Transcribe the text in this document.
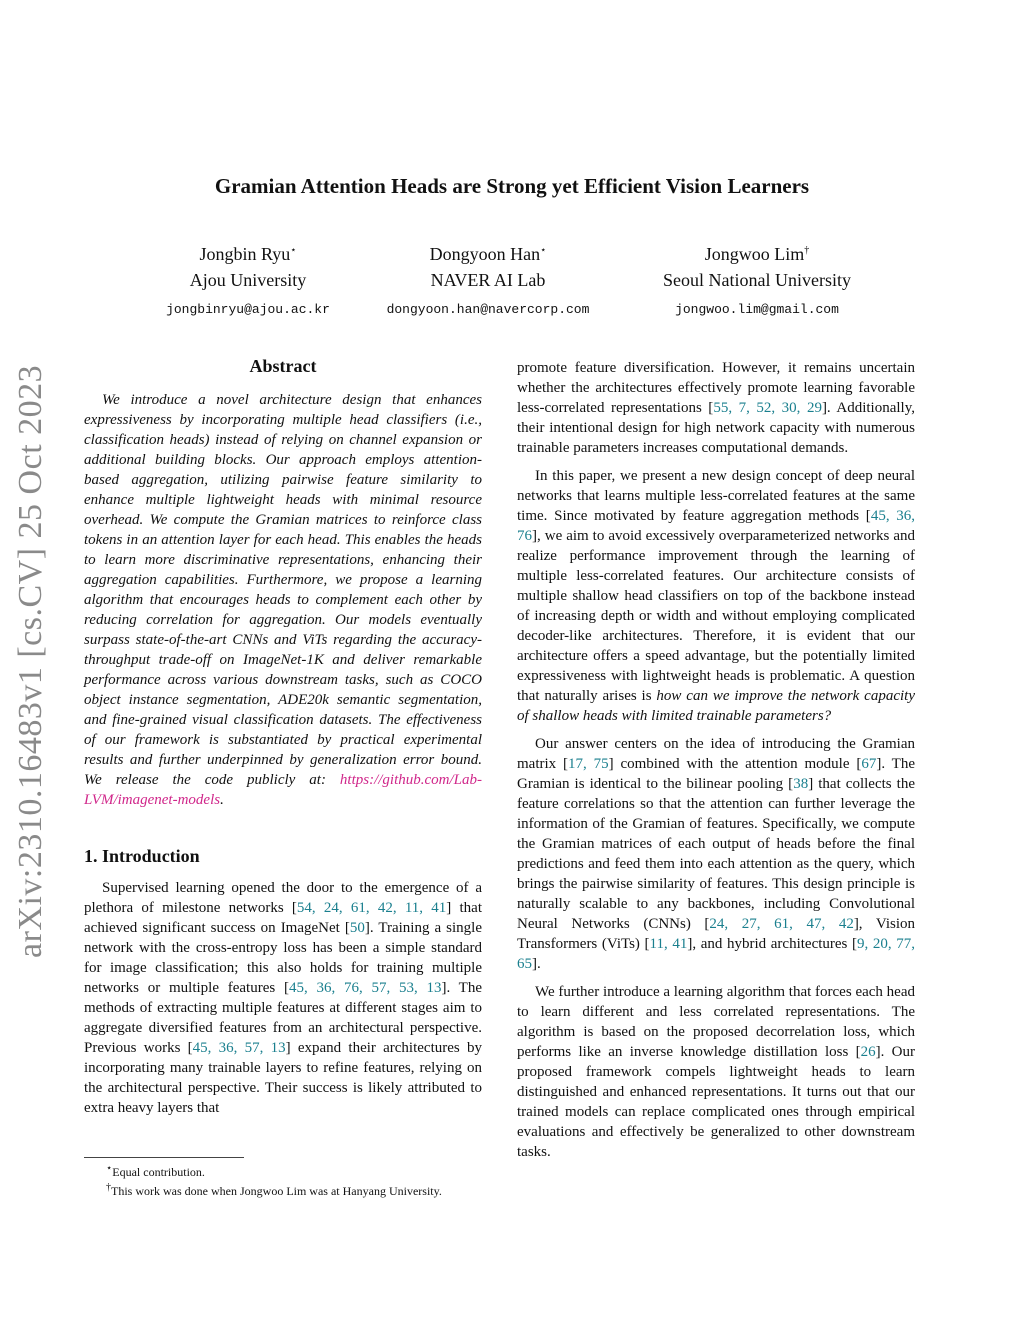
Gramian Attention Heads are Strong yet Efficient Vision Learners
Jongbin Ryu⋆
Ajou University
jongbinryu@ajou.ac.kr
Dongyoon Han⋆
NAVER AI Lab
dongyoon.han@navercorp.com
Jongwoo Lim†
Seoul National University
jongwoo.lim@gmail.com
arXiv:2310.16483v1 [cs.CV] 25 Oct 2023	Abstract

We introduce a novel architecture design that enhances expressiveness by incorporating multiple head classifiers (i.e., classification heads) instead of relying on channel expansion or additional building blocks. Our approach employs attention-based aggregation, utilizing pairwise feature similarity to enhance multiple lightweight heads with minimal resource overhead. We compute the Gramian matrices to reinforce class tokens in an attention layer for each head. This enables the heads to learn more discriminative representations, enhancing their aggregation capabilities. Furthermore, we propose a learning algorithm that encourages heads to complement each other by reducing correlation for aggregation. Our models eventually surpass state-of-the-art CNNs and ViTs regarding the accuracy-throughput trade-off on ImageNet-1K and deliver remarkable performance across various downstream tasks, such as COCO object instance segmentation, ADE20k semantic segmentation, and fine-grained visual classification datasets. The effectiveness of our framework is substantiated by practical experimental results and further underpinned by generalization error bound. We release the code publicly at: https://github.com/Lab-LVM/imagenet-models.

1. Introduction

Supervised learning opened the door to the emergence of a plethora of milestone networks [54, 24, 61, 42, 11, 41] that achieved significant success on ImageNet [50]. Training a single network with the cross-entropy loss has been a simple standard for image classification; this also holds for training multiple networks or multiple features [45, 36, 76, 57, 53, 13]. The methods of extracting multiple features at different stages aim to aggregate diversified features from an architectural perspective. Previous works [45, 36, 57, 13] expand their architectures by incorporating many trainable layers to refine features, relying on the architectural perspective. Their success is likely attributed to extra heavy layers that

⋆Equal contribution.

†This work was done when Jongwoo Lim was at Hanyang University.

promote feature diversification. However, it remains uncertain whether the architectures effectively promote learning favorable less-correlated representations [55, 7, 52, 30, 29]. Additionally, their intentional design for high network capacity with numerous trainable parameters increases computational demands.

In this paper, we present a new design concept of deep neural networks that learns multiple less-correlated features at the same time. Since motivated by feature aggregation methods [45, 36, 76], we aim to avoid excessively overparameterized networks and realize performance improvement through the learning of multiple less-correlated features. Our architecture consists of multiple shallow head classifiers on top of the backbone instead of increasing depth or width and without employing complicated decoder-like architectures. Therefore, it is evident that our architecture offers a speed advantage, but the potentially limited expressiveness with lightweight heads is problematic. A question that naturally arises is how can we improve the network capacity of shallow heads with limited trainable parameters?

Our answer centers on the idea of introducing the Gramian matrix [17, 75] combined with the attention module [67]. The Gramian is identical to the bilinear pooling [38] that collects the feature correlations so that the attention can further leverage the information of the Gramian of features. Specifically, we compute the Gramian matrices of each output of heads before the final predictions and feed them into each attention as the query, which brings the pairwise similarity of features. This design principle is naturally scalable to any backbones, including Convolutional Neural Networks (CNNs) [24, 27, 61, 47, 42], Vision Transformers (ViTs) [11, 41], and hybrid architectures [9, 20, 77, 65].

We further introduce a learning algorithm that forces each head to learn different and less correlated representations. The algorithm is based on the proposed decorrelation loss, which performs like an inverse knowledge distillation loss [26]. Our proposed framework compels lightweight heads to learn distinguished and enhanced representations. It turns out that our trained models can replace complicated ones through empirical evaluations and effectively be generalized to other downstream tasks.
